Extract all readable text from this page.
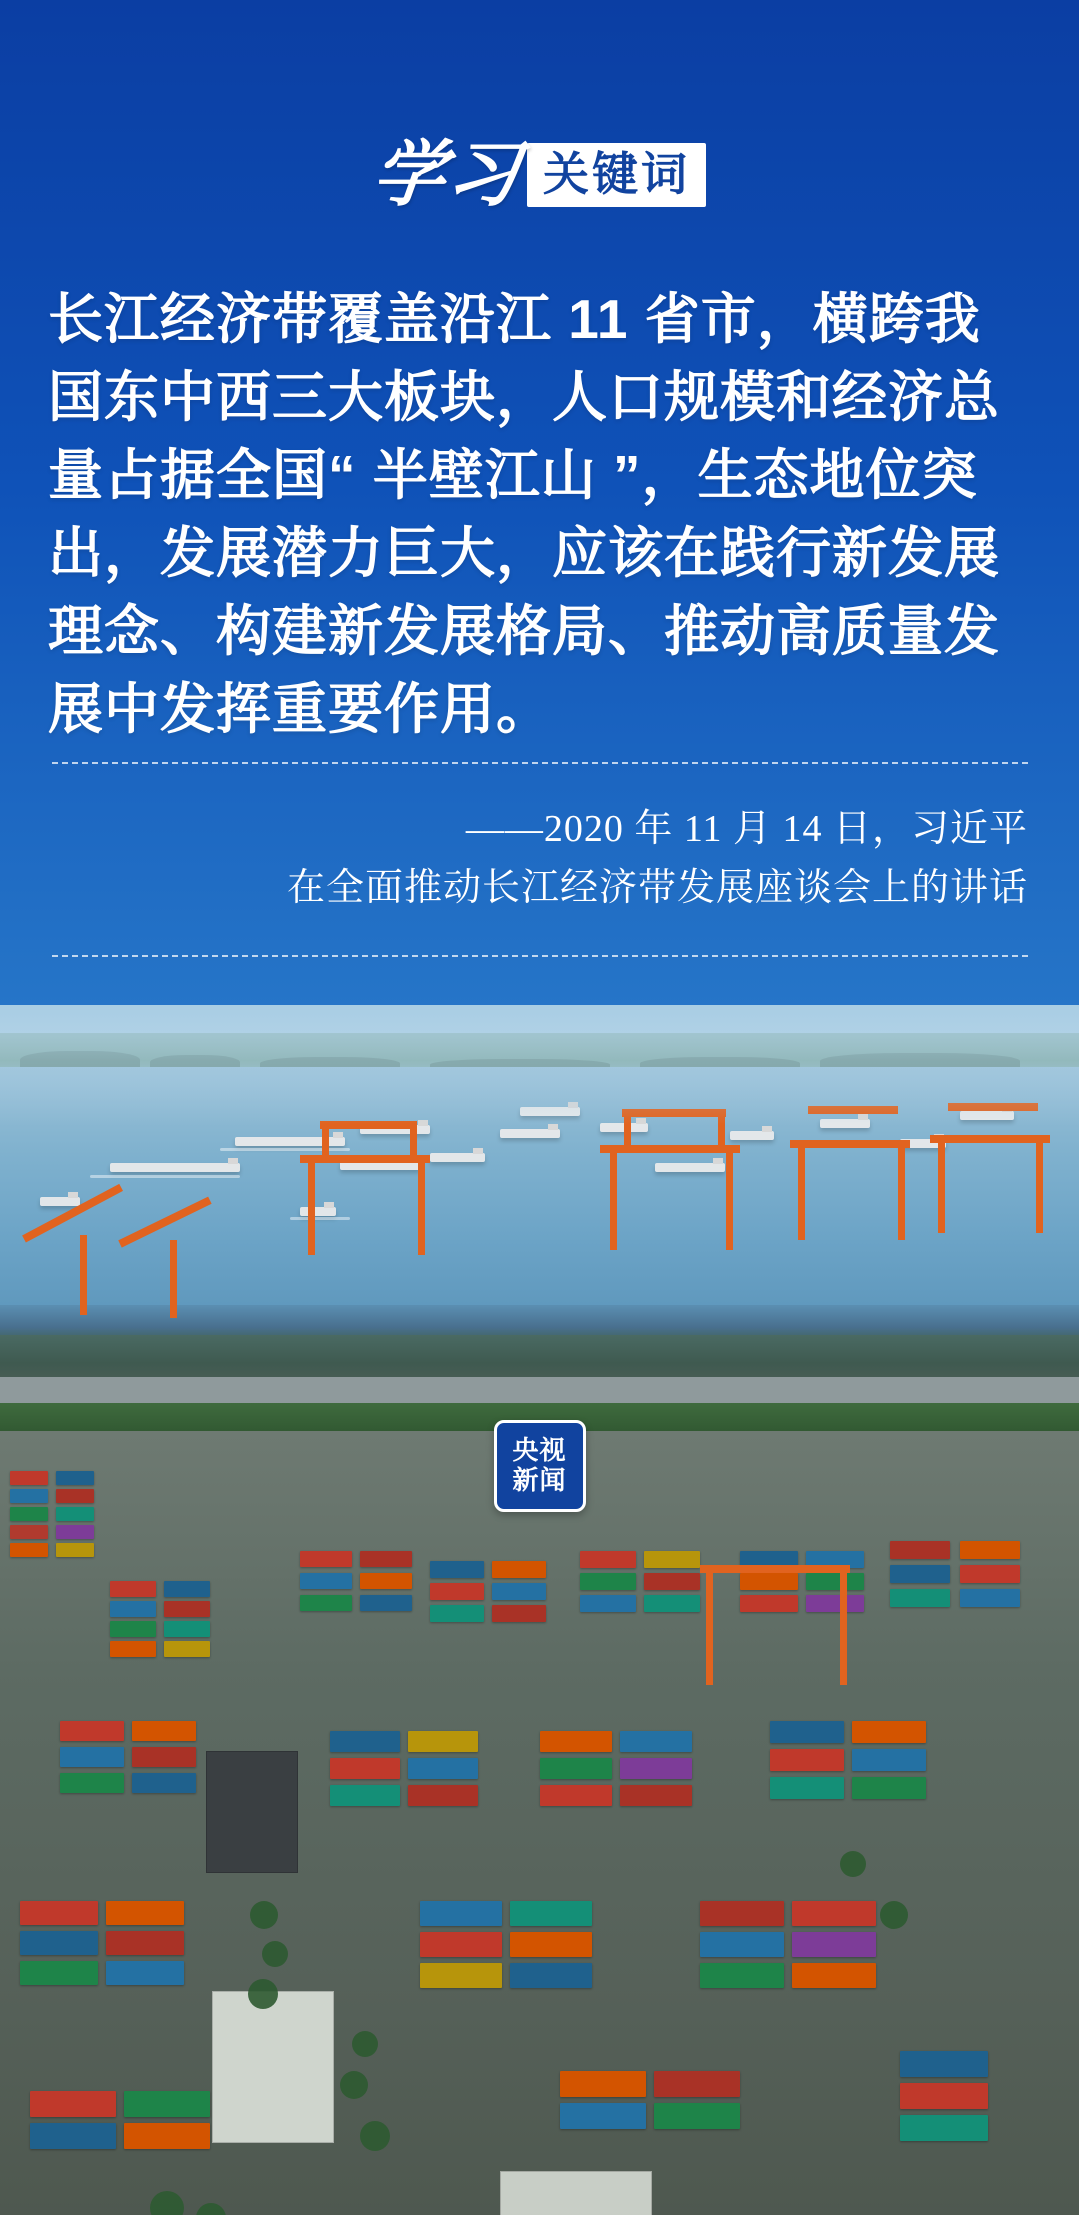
学习 关键词
长江经济带覆盖沿江 11 省市，横跨我国东中西三大板块，人口规模和经济总量占据全国“ 半壁江山 ”，生态地位突出，发展潜力巨大，应该在践行新发展理念、构建新发展格局、推动高质量发展中发挥重要作用。
——2020 年 11 月 14 日，习近平
在全面推动长江经济带发展座谈会上的讲话
央视
新闻
